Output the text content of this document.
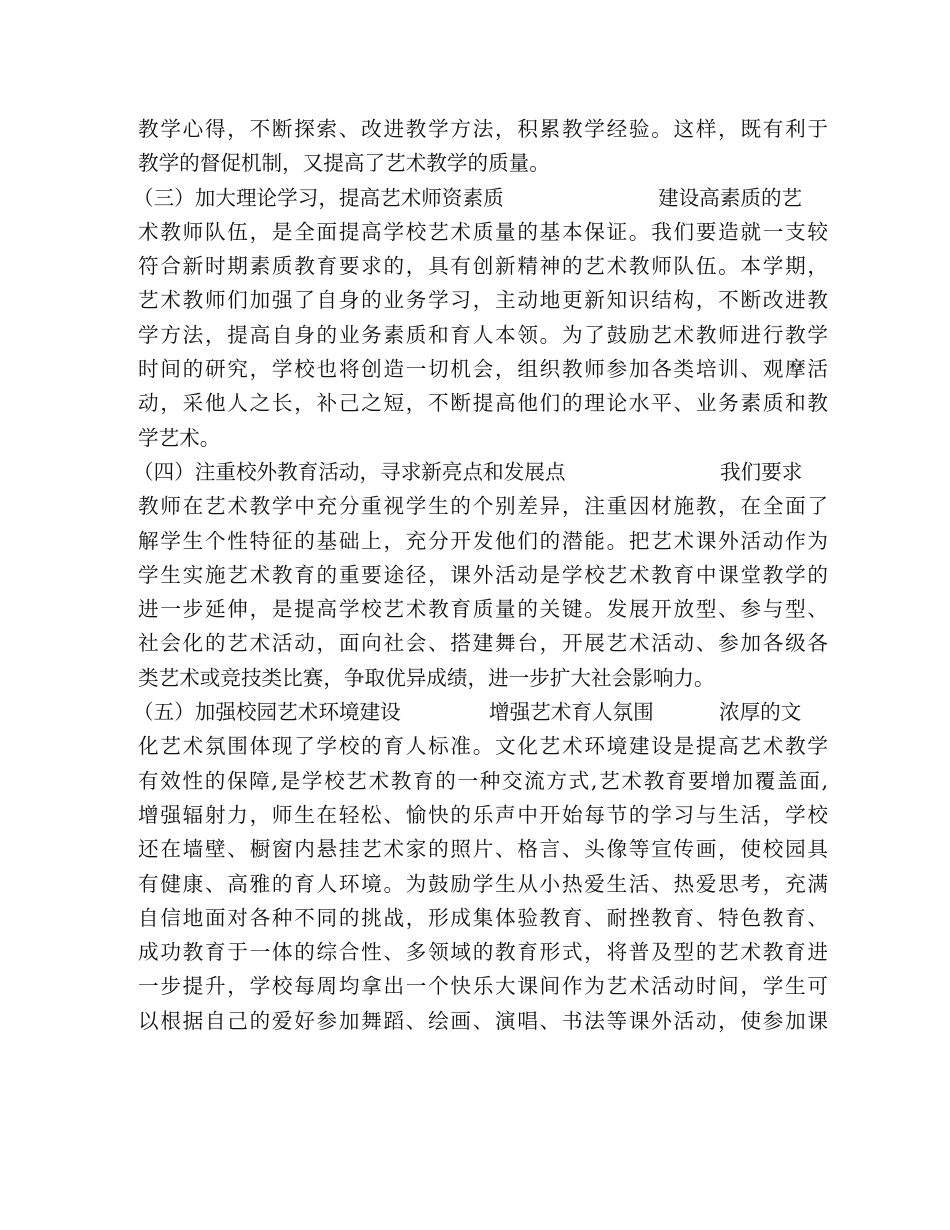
教学心得，不断探索、改进教学方法，积累教学经验。这样，既有利于
教学的督促机制，又提高了艺术教学的质量。
（三）加大理论学习，提高艺术师资素质	建设高素质的艺
术教师队伍，是全面提高学校艺术质量的基本保证。我们要造就一支较
符合新时期素质教育要求的，具有创新精神的艺术教师队伍。本学期，
艺术教师们加强了自身的业务学习，主动地更新知识结构，不断改进教
学方法，提高自身的业务素质和育人本领。为了鼓励艺术教师进行教学
时间的研究，学校也将创造一切机会，组织教师参加各类培训、观摩活
动，采他人之长，补己之短，不断提高他们的理论水平、业务素质和教
学艺术。
（四）注重校外教育活动，寻求新亮点和发展点	我们要求
教师在艺术教学中充分重视学生的个别差异，注重因材施教，在全面了
解学生个性特征的基础上，充分开发他们的潜能。把艺术课外活动作为
学生实施艺术教育的重要途径，课外活动是学校艺术教育中课堂教学的
进一步延伸，是提高学校艺术教育质量的关键。发展开放型、参与型、
社会化的艺术活动，面向社会、搭建舞台，开展艺术活动、参加各级各
类艺术或竞技类比赛，争取优异成绩，进一步扩大社会影响力。
（五）加强校园艺术环境建设	增强艺术育人氛围	浓厚的文
化艺术氛围体现了学校的育人标准。文化艺术环境建设是提高艺术教学
有效性的保障,是学校艺术教育的一种交流方式,艺术教育要增加覆盖面,
增强辐射力，师生在轻松、愉快的乐声中开始每节的学习与生活，学校
还在墙壁、橱窗内悬挂艺术家的照片、格言、头像等宣传画，使校园具
有健康、高雅的育人环境。为鼓励学生从小热爱生活、热爱思考，充满
自信地面对各种不同的挑战，形成集体验教育、耐挫教育、特色教育、
成功教育于一体的综合性、多领域的教育形式，将普及型的艺术教育进
一步提升，学校每周均拿出一个快乐大课间作为艺术活动时间，学生可
以根据自己的爱好参加舞蹈、绘画、演唱、书法等课外活动，使参加课
